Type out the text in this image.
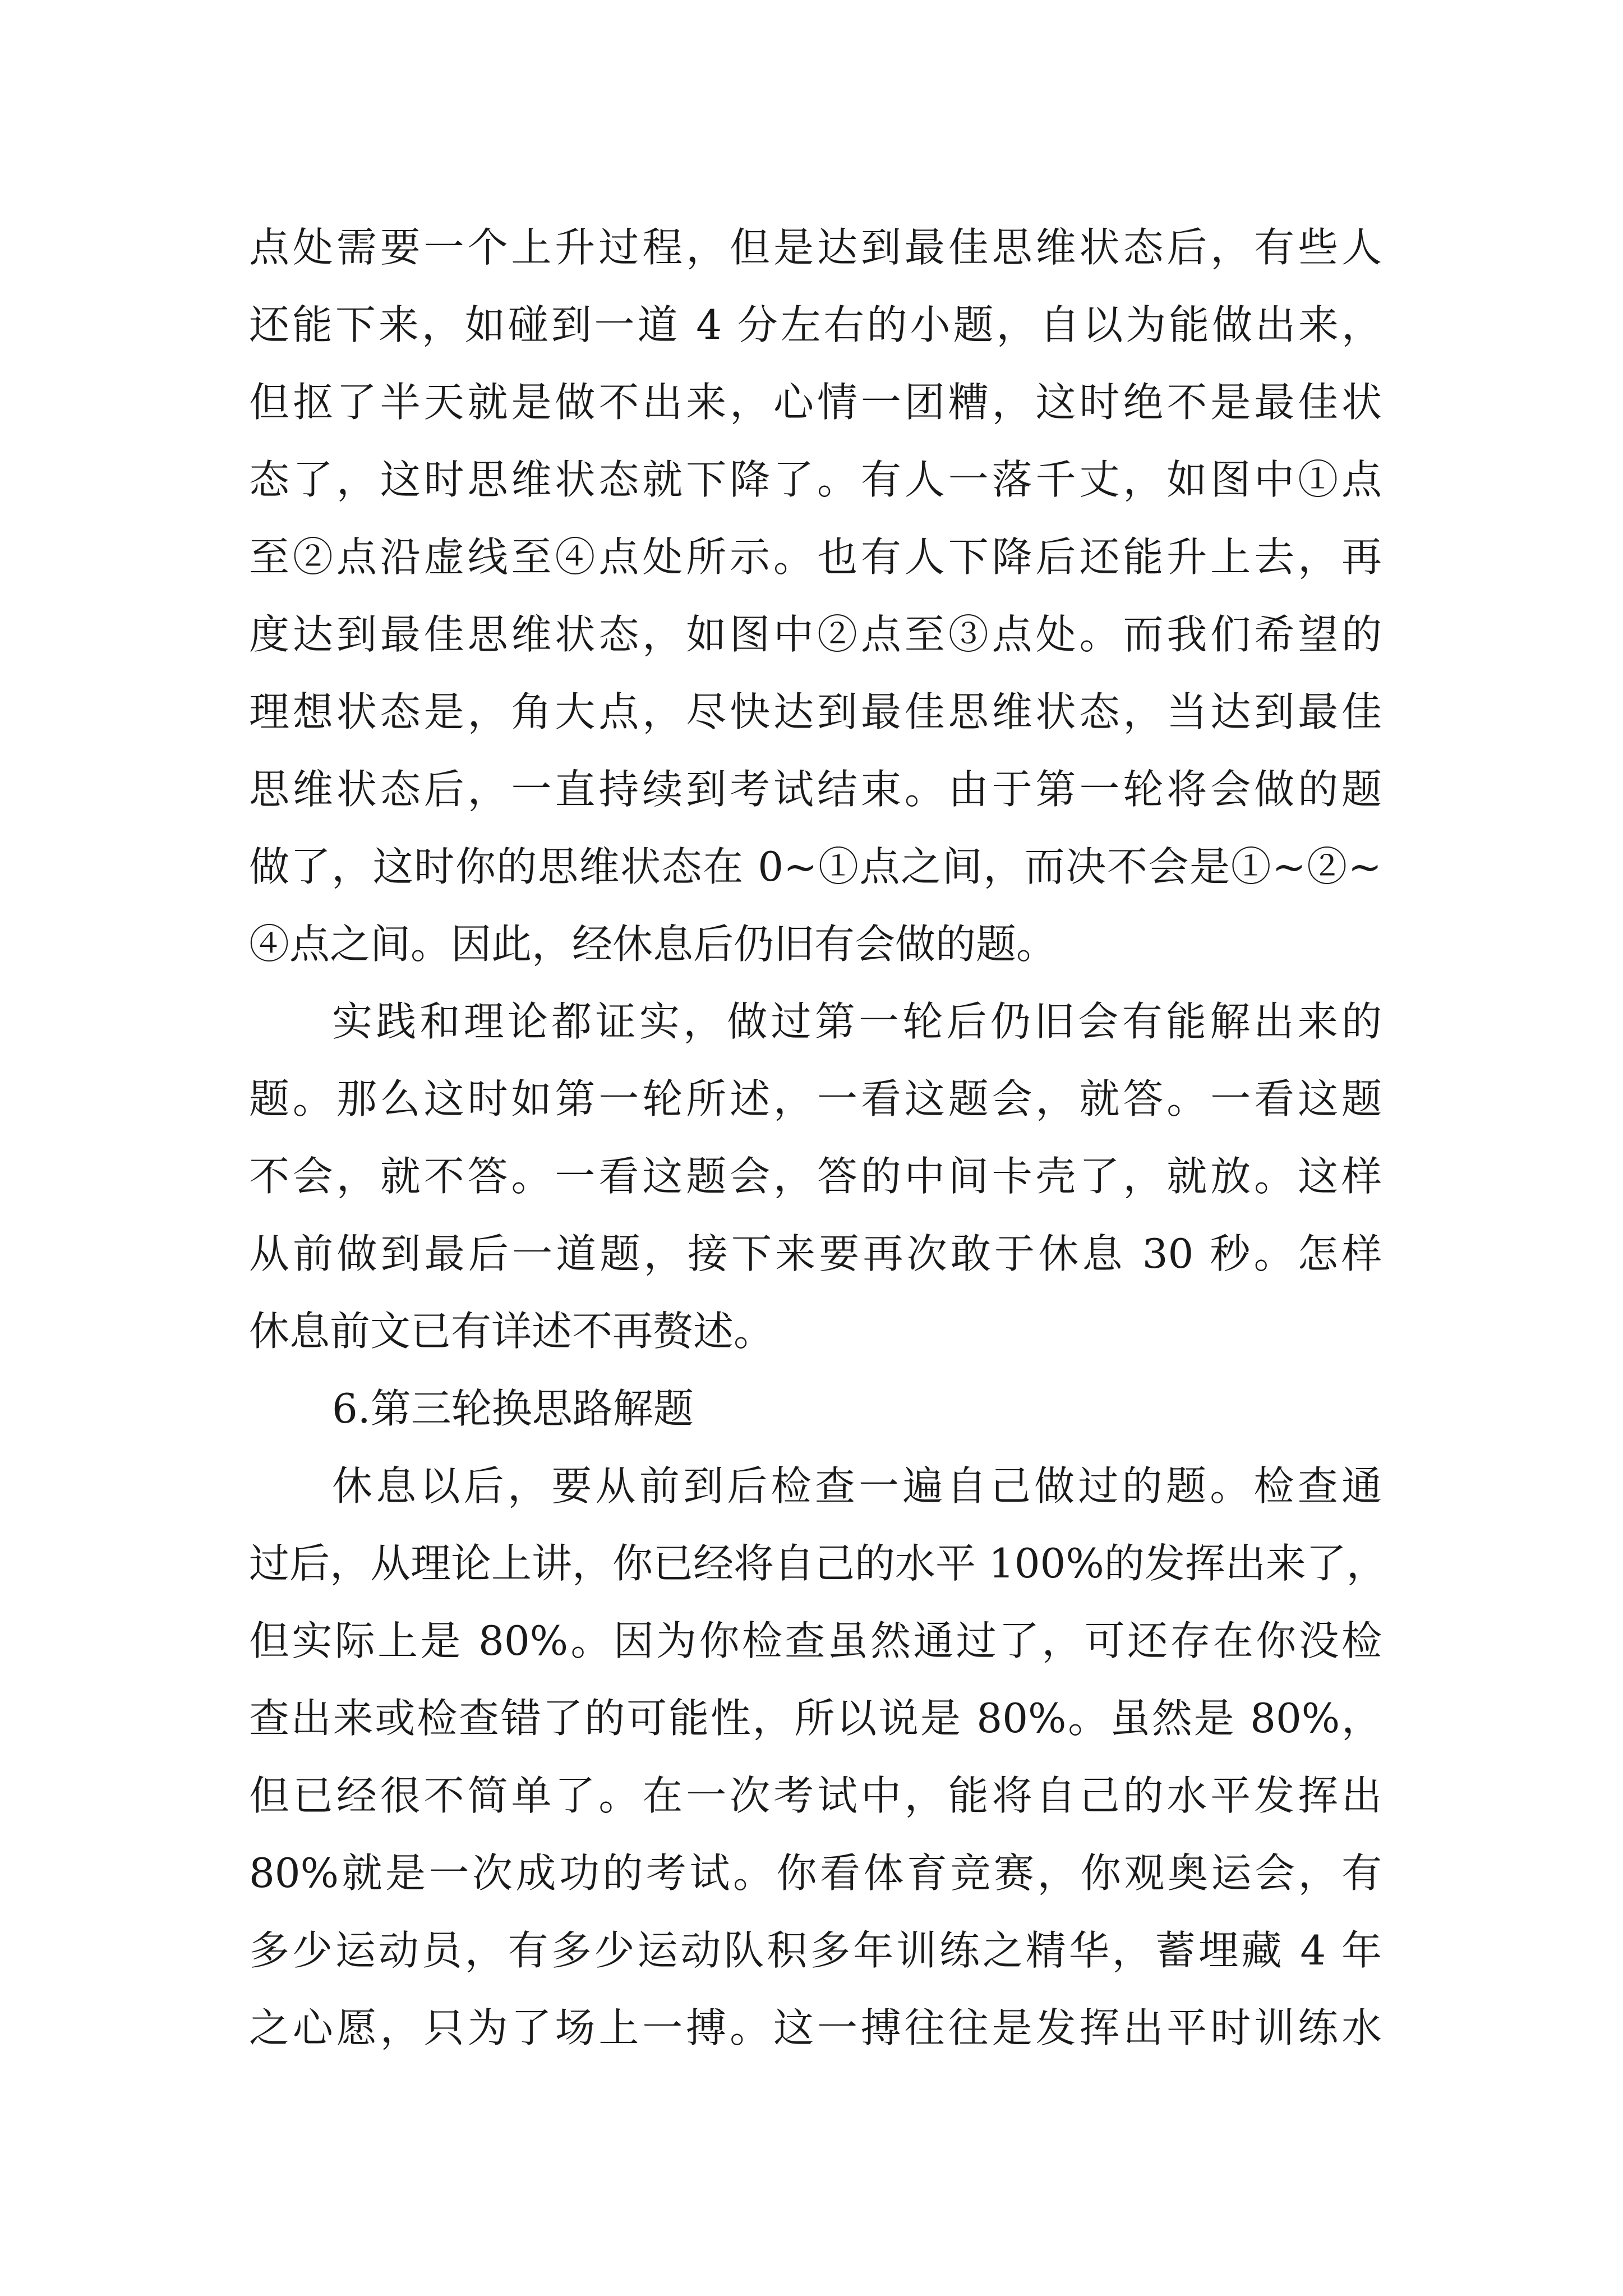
点处需要一个上升过程，但是达到最佳思维状态后，有些人
还能下来，如碰到一道 4 分左右的小题，自以为能做出来，
但抠了半天就是做不出来，心情一团糟，这时绝不是最佳状
态了，这时思维状态就下降了。有人一落千丈，如图中①点
至②点沿虚线至④点处所示。也有人下降后还能升上去，再
度达到最佳思维状态，如图中②点至③点处。而我们希望的
理想状态是，角大点，尽快达到最佳思维状态，当达到最佳
思维状态后，一直持续到考试结束。由于第一轮将会做的题
做了，这时你的思维状态在 0~①点之间，而决不会是①~②~
④点之间。因此，经休息后仍旧有会做的题。
实践和理论都证实，做过第一轮后仍旧会有能解出来的
题。那么这时如第一轮所述，一看这题会，就答。一看这题
不会，就不答。一看这题会，答的中间卡壳了，就放。这样
从前做到最后一道题，接下来要再次敢于休息 30 秒。怎样
休息前文已有详述不再赘述。
6.第三轮换思路解题
休息以后，要从前到后检查一遍自己做过的题。检查通
过后，从理论上讲，你已经将自己的水平 100%的发挥出来了，
但实际上是 80%。因为你检查虽然通过了，可还存在你没检
查出来或检查错了的可能性，所以说是 80%。虽然是 80%，
但已经很不简单了。在一次考试中，能将自己的水平发挥出
80%就是一次成功的考试。你看体育竞赛，你观奥运会，有
多少运动员，有多少运动队积多年训练之精华，蓄埋藏 4 年
之心愿，只为了场上一搏。这一搏往往是发挥出平时训练水
